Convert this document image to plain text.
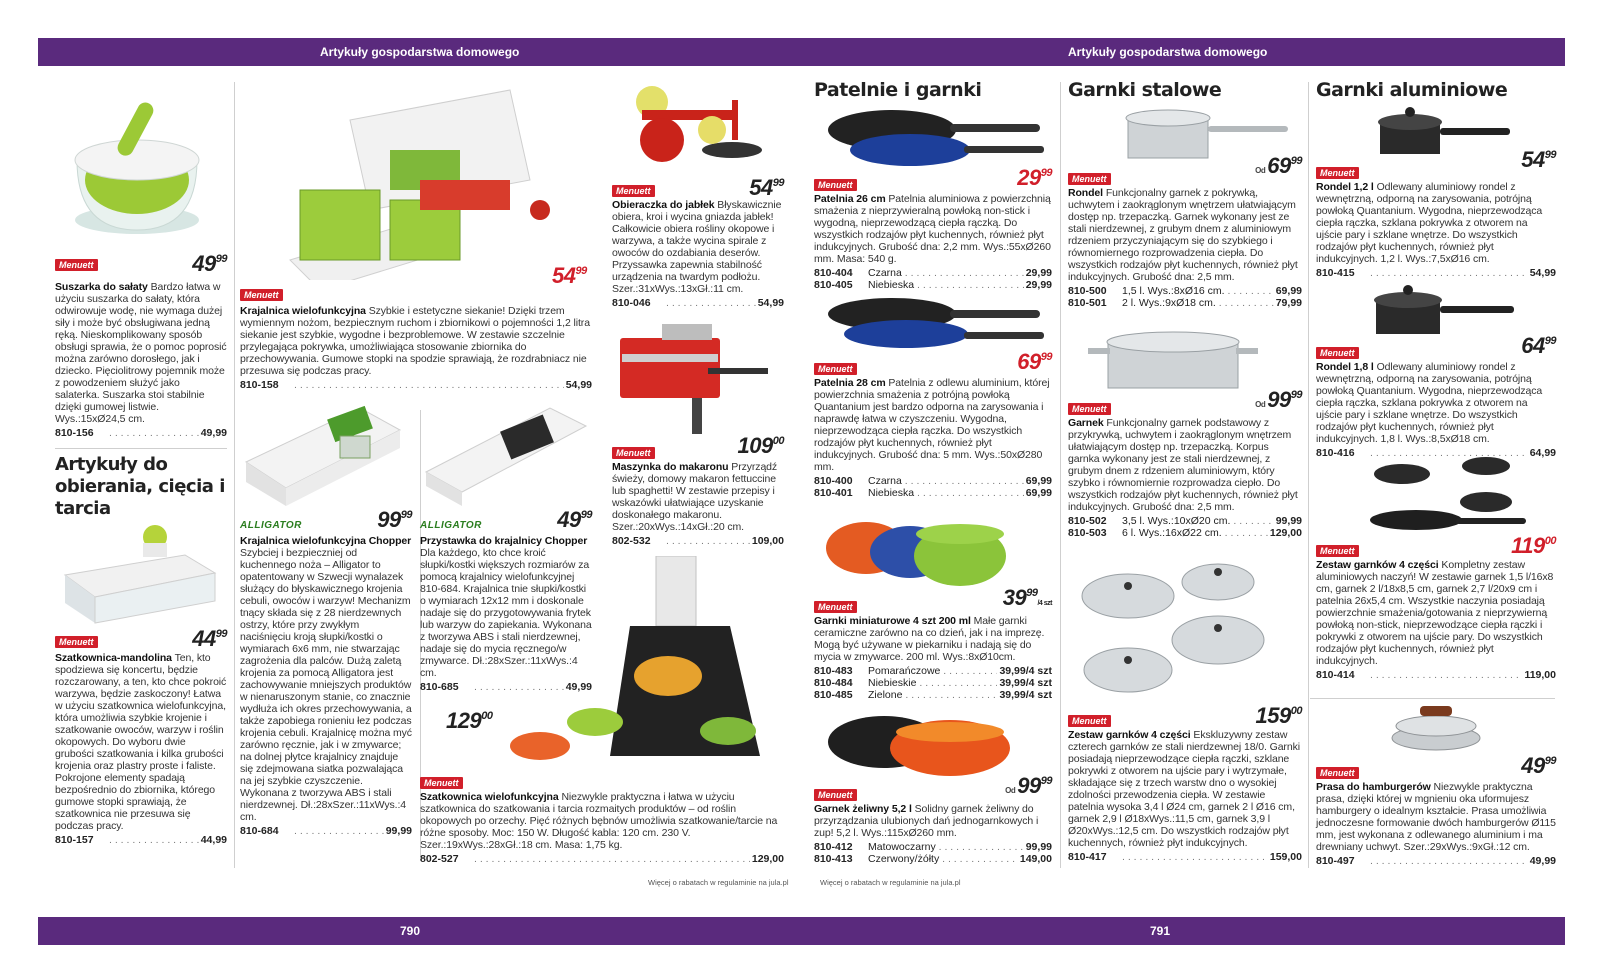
Artykuły gospodarstwa domowego	Artykuły gospodarstwa domowego
790	791
Więcej o rabatach w regulaminie na jula.pl	Więcej o rabatach w regulaminie na jula.pl
Menuett	$49^{99}$
Suszarka do sałaty Bardzo łatwa w użyciu suszarka do sałaty, która odwirowuje wodę, nie wymaga dużej siły i może być obsługiwana jedną ręką. Nieskomplikowany sposób obsługi sprawia, że o pomoc poprosić można zarówno dorosłego, jak i dziecko. Pięciolitrowy pojemnik może z powodzeniem służyć jako salaterka. Suszarka stoi stabilnie dzięki gumowej listwie. Wys.:15xØ24,5 cm.
810-156 . . .	49,99
Artykuły do obierania, cięcia i tarcia
Menuett	$44^{99}$
Szatkownica-mandolina Ten, kto spodziewa się koncertu, będzie rozczarowany, a ten, kto chce pokroić warzywa, będzie zaskoczony! Łatwa w użyciu szatkownica wielofunkcyjna, która umożliwia szybkie krojenie i szatkowanie owoców, warzyw i roślin okopowych. Do wyboru dwie grubości szatkowania i kilka grubości krojenia oraz plastry proste i faliste. Pokrojone elementy spadają bezpośrednio do zbiornika, którego gumowe stopki sprawiają, że szatkownica nie przesuwa się podczas pracy.
810-157 . . .	44,99
Menuett
$54^{99}$
Krajalnica wielofunkcyjna Szybkie i estetyczne siekanie! Dzięki trzem wymiennym nożom, bezpiecznym ruchom i zbiornikowi o pojemności 1,2 litra siekanie jest szybkie, wygodne i bezproblemowe. W zestawie szczelnie przylegająca pokrywka, umożliwiająca stosowanie zbiornika do przechowywania. Gumowe stopki na spodzie sprawiają, że rozdrabniacz nie przesuwa się podczas pracy.
810-158 . . .	54,99
ALLIGATOR	$99^{99}$
Krajalnica wielofunkcyjna Chopper Szybciej i bezpieczniej od kuchennego noża – Alligator to opatentowany w Szwecji wynalazek służący do błyskawicznego krojenia cebuli, owoców i warzyw! Mechanizm tnący składa się z 28 nierdzewnych ostrzy, które przy zwykłym naciśnięciu kroją słupki/kostki o wymiarach 6x6 mm, nie stwarzając zagrożenia dla palców. Dużą zaletą krojenia za pomocą Alligatora jest zachowywanie mniejszych produktów w nienaruszonym stanie, co znacznie wydłuża ich okres przechowywania, a także zapobiega ronieniu łez podczas krojenia cebuli. Krajalnicę można myć zarówno ręcznie, jak i w zmywarce; na dolnej płytce krajalnicy znajduje się zdejmowana siatka pozwalająca na jej szybkie czyszczenie. Wykonana z tworzywa ABS i stali nierdzewnej. Dł.:28xSzer.:11xWys.:4 cm.
810-684 . . .	99,99
ALLIGATOR	$49^{99}$
Przystawka do krajalnicy Chopper Dla każdego, kto chce kroić słupki/kostki większych rozmiarów za pomocą krajalnicy wielofunkcyjnej 810-684. Krajalnica tnie słupki/kostki o wymiarach 12x12 mm i doskonale nadaje się do przygotowywania frytek lub warzyw do zapiekania. Wykonana z tworzywa ABS i stali nierdzewnej, nadaje się do mycia ręcznego/w zmywarce. Dł.:28xSzer.:11xWys.:4 cm.
810-685 . . .	49,99
Menuett	$54^{99}$
Obieraczka do jabłek Błyskawicznie obiera, kroi i wycina gniazda jabłek! Całkowicie obiera rośliny okopowe i warzywa, a także wycina spirale z owoców do ozdabiania deserów. Przyssawka zapewnia stabilność urządzenia na twardym podłożu. Szer.:31xWys.:13xGł.:11 cm.
810-046 . . .	54,99
Menuett	$109^{00}$
Maszynka do makaronu Przyrządź świeży, domowy makaron fettuccine lub spaghetti! W zestawie przepisy i wskazówki ułatwiające uzyskanie doskonałego makaronu. Szer.:20xWys.:14xGł.:20 cm.
802-532 . . .	109,00
$129^{00}$
Menuett
Szatkownica wielofunkcyjna Niezwykle praktyczna i łatwa w użyciu szatkownica do szatkowania i tarcia rozmaitych produktów – od roślin okopowych po orzechy. Pięć różnych bębnów umożliwia szatkowanie/tarcie na różne sposoby. Moc: 150 W. Długość kabla: 120 cm. 230 V. Szer.:19xWys.:28xGł.:18 cm. Masa: 1,75 kg.
802-527 . . .	129,00
Patelnie i garnki
Menuett	$29^{99}$
Patelnia 26 cm Patelnia aluminiowa z powierzchnią smażenia z nieprzywieralną powłoką non-stick i wygodną, nieprzewodzącą ciepła rączką. Do wszystkich rodzajów płyt kuchennych, również płyt indukcyjnych. Grubość dna: 2,2 mm. Wys.:55xØ260 mm. Masa: 540 g.
810-404	Czarna . . .	29,99
810-405	Niebieska . . .	29,99
Menuett	$69^{99}$
Patelnia 28 cm Patelnia z odlewu aluminium, której powierzchnia smażenia z potrójną powłoką Quantanium jest bardzo odporna na zarysowania i naprawdę łatwa w czyszczeniu. Wygodna, nieprzewodząca ciepła rączka. Do wszystkich rodzajów płyt kuchennych, również płyt indukcyjnych. Grubość dna: 5 mm. Wys.:50xØ280 mm.
810-400	Czarna . . .	69,99
810-401	Niebieska . . .	69,99
Menuett	$39^{99}/4$ szt
Garnki miniaturowe 4 szt 200 ml Małe garnki ceramiczne zarówno na co dzień, jak i na imprezę. Mogą być używane w piekarniku i nadają się do mycia w zmywarce. 200 ml. Wys.:8xØ10cm.
810-483	Pomarańczowe . . .	39,99/4 szt
810-484	Niebieskie . . .	39,99/4 szt
810-485	Zielone . . .	39,99/4 szt
Menuett	$Od99^{99}$
Garnek żeliwny 5,2 l Solidny garnek żeliwny do przyrządzania ulubionych dań jednogarnkowych i zup! 5,2 l. Wys.:115xØ260 mm.
810-412	Matowoczarny . . .	99,99
810-413	Czerwony/żółty . . .	149,00
Garnki stalowe
Menuett
$Od69^{99}$
Rondel Funkcjonalny garnek z pokrywką, uchwytem i zaokrąglonym wnętrzem ułatwiającym dostęp np. trzepaczką. Garnek wykonany jest ze stali nierdzewnej, z grubym dnem z aluminiowym rdzeniem przyczyniającym się do szybkiego i równomiernego rozprowadzenia ciepła. Do wszystkich rodzajów płyt kuchennych, również płyt indukcyjnych. Grubość dna: 2,5 mm.
810-500	1,5 l. Wys.:8xØ16 cm. . . .	69,99
810-501	2 l. Wys.:9xØ18 cm. . . .	79,99
Menuett	$Od99^{99}$
Garnek Funkcjonalny garnek podstawowy z przykrywką, uchwytem i zaokrąglonym wnętrzem ułatwiającym dostęp np. trzepaczką. Korpus garnka wykonany jest ze stali nierdzewnej, z grubym dnem z rdzeniem aluminiowym, który szybko i równomiernie rozprowadza ciepło. Do wszystkich rodzajów płyt kuchennych, również płyt indukcyjnych. Grubość dna: 2,5 mm.
810-502	3,5 l. Wys.:10xØ20 cm. . . .	99,99
810-503	6 l. Wys.:16xØ22 cm. . . .	129,00
Menuett	$159^{00}$
Zestaw garnków 4 części Ekskluzywny zestaw czterech garnków ze stali nierdzewnej 18/0. Garnki posiadają nieprzewodzące ciepła rączki, szklane pokrywki z otworem na ujście pary i wytrzymałe, składające się z trzech warstw dno o wysokiej zdolności przewodzenia ciepła. W zestawie patelnia wysoka 3,4 l Ø24 cm, garnek 2 l Ø16 cm, garnek 2,9 l Ø18xWys.:11,5 cm, garnek 3,9 l Ø20xWys.:12,5 cm. Do wszystkich rodzajów płyt kuchennych, również płyt indukcyjnych.
810-417 . . .	159,00
Garnki aluminiowe
Menuett
$54^{99}$
Rondel 1,2 l Odlewany aluminiowy rondel z wewnętrzną, odporną na zarysowania, potrójną powłoką Quantanium. Wygodna, nieprzewodząca ciepła rączka, szklana pokrywka z otworem na ujście pary i szklane wnętrze. Do wszystkich rodzajów płyt kuchennych, również płyt indukcyjnych. 1,2 l. Wys.:7,5xØ16 cm.
810-415 . . .	54,99
Menuett	$64^{99}$
Rondel 1,8 l Odlewany aluminiowy rondel z wewnętrzną, odporną na zarysowania, potrójną powłoką Quantanium. Wygodna, nieprzewodząca ciepła rączka, szklana pokrywka z otworem na ujście pary i szklane wnętrze. Do wszystkich rodzajów płyt kuchennych, również płyt indukcyjnych. 1,8 l. Wys.:8,5xØ18 cm.
810-416 . . .	64,99
Menuett	$119^{00}$
Zestaw garnków 4 części Kompletny zestaw aluminiowych naczyń! W zestawie garnek 1,5 l/16x8 cm, garnek 2 l/18x8,5 cm, garnek 2,7 l/20x9 cm i patelnia 26x5,4 cm. Wszystkie naczynia posiadają powierzchnie smażenia/gotowania z nieprzywierną powłoką non-stick, nieprzewodzące ciepła rączki i pokrywki z otworem na ujście pary. Do wszystkich rodzajów płyt kuchennych, również płyt indukcyjnych.
810-414 . . .	119,00
Menuett	$49^{99}$
Prasa do hamburgerów Niezwykle praktyczna prasa, dzięki której w mgnieniu oka uformujesz hamburgery o idealnym kształcie. Prasa umożliwia jednoczesne formowanie dwóch hamburgerów Ø115 mm, jest wykonana z odlewanego aluminium i ma drewniany uchwyt. Szer.:29xWys.:9xGł.:12 cm.
810-497 . . .	49,99
